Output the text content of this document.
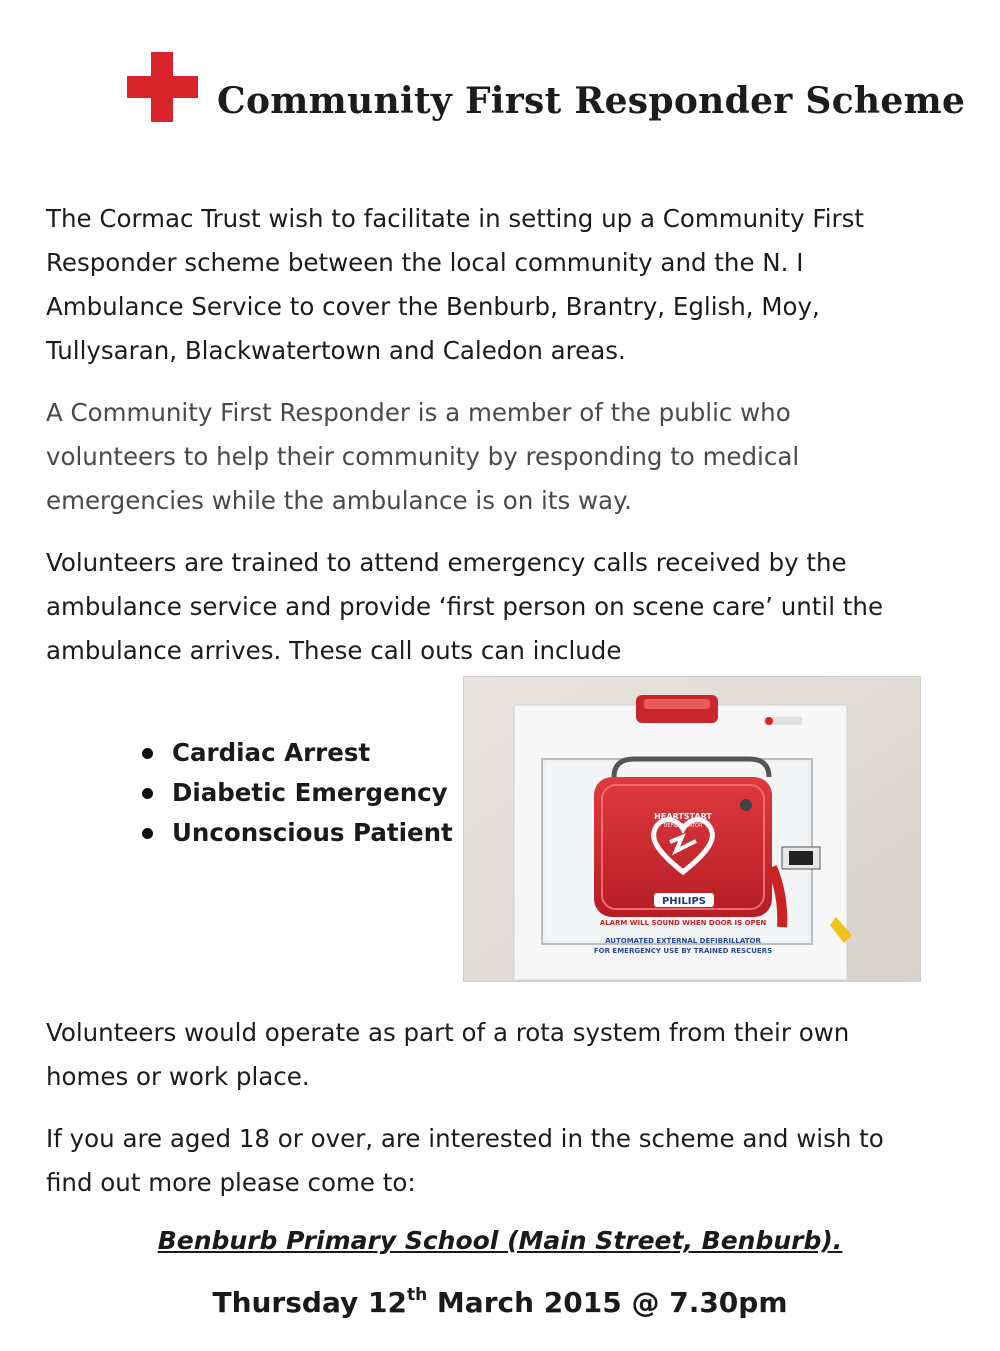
Community First Responder Scheme

The Cormac Trust wish to facilitate in setting up a Community First Responder scheme between the local community and the N. I Ambulance Service to cover the Benburb, Brantry, Eglish, Moy, Tullysaran, Blackwatertown and Caledon areas.

A Community First Responder is a member of the public who volunteers to help their community by responding to medical emergencies while the ambulance is on its way.

Volunteers are trained to attend emergency calls received by the ambulance service and provide ‘first person on scene care’ until the ambulance arrives. These call outs can include

Cardiac Arrest
Diabetic Emergency
Unconscious Patient
HEARTSTART
DEFIBRILLATOR
PHILIPS
ALARM WILL SOUND WHEN DOOR IS OPEN
AUTOMATED EXTERNAL DEFIBRILLATOR
FOR EMERGENCY USE BY TRAINED RESCUERS

Volunteers would operate as part of a rota system from their own homes or work place.

If you are aged 18 or over, are interested in the scheme and wish to find out more please come to:

Benburb Primary School (Main Street, Benburb).
Thursday 12th March 2015 @ 7.30pm
